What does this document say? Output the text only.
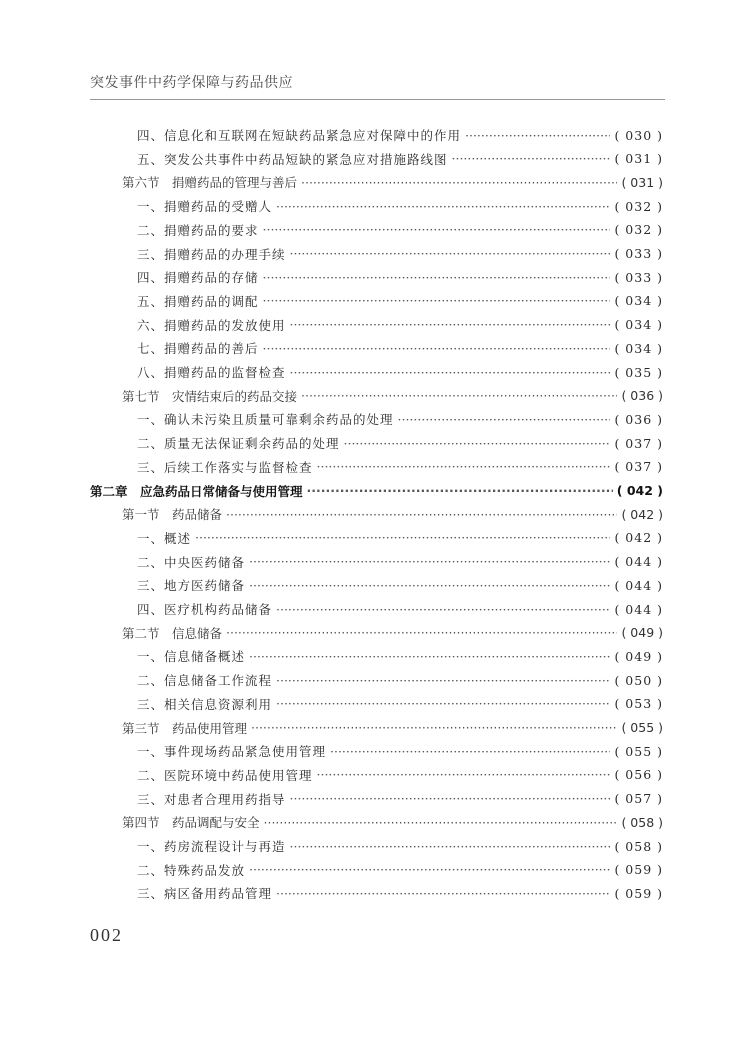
突发事件中药学保障与药品供应
四、信息化和互联网在短缺药品紧急应对保障中的作用 ·····	( 030 )
五、突发公共事件中药品短缺的紧急应对措施路线图 ·····	( 031 )
第六节　捐赠药品的管理与善后 ·····	( 031 )
一、捐赠药品的受赠人 ·····	( 032 )
二、捐赠药品的要求 ·····	( 032 )
三、捐赠药品的办理手续 ·····	( 033 )
四、捐赠药品的存储 ·····	( 033 )
五、捐赠药品的调配 ·····	( 034 )
六、捐赠药品的发放使用 ·····	( 034 )
七、捐赠药品的善后 ·····	( 034 )
八、捐赠药品的监督检查 ·····	( 035 )
第七节　灾情结束后的药品交接 ·····	( 036 )
一、确认未污染且质量可靠剩余药品的处理 ·····	( 036 )
二、质量无法保证剩余药品的处理 ·····	( 037 )
三、后续工作落实与监督检查 ·····	( 037 )
第二章　应急药品日常储备与使用管理 ·····	( 042 )
第一节　药品储备 ·····	( 042 )
一、概述 ·····	( 042 )
二、中央医药储备 ·····	( 044 )
三、地方医药储备 ·····	( 044 )
四、医疗机构药品储备 ·····	( 044 )
第二节　信息储备 ·····	( 049 )
一、信息储备概述 ·····	( 049 )
二、信息储备工作流程 ·····	( 050 )
三、相关信息资源利用 ·····	( 053 )
第三节　药品使用管理 ·····	( 055 )
一、事件现场药品紧急使用管理 ·····	( 055 )
二、医院环境中药品使用管理 ·····	( 056 )
三、对患者合理用药指导 ·····	( 057 )
第四节　药品调配与安全 ·····	( 058 )
一、药房流程设计与再造 ·····	( 058 )
二、特殊药品发放 ·····	( 059 )
三、病区备用药品管理 ·····	( 059 )
002
